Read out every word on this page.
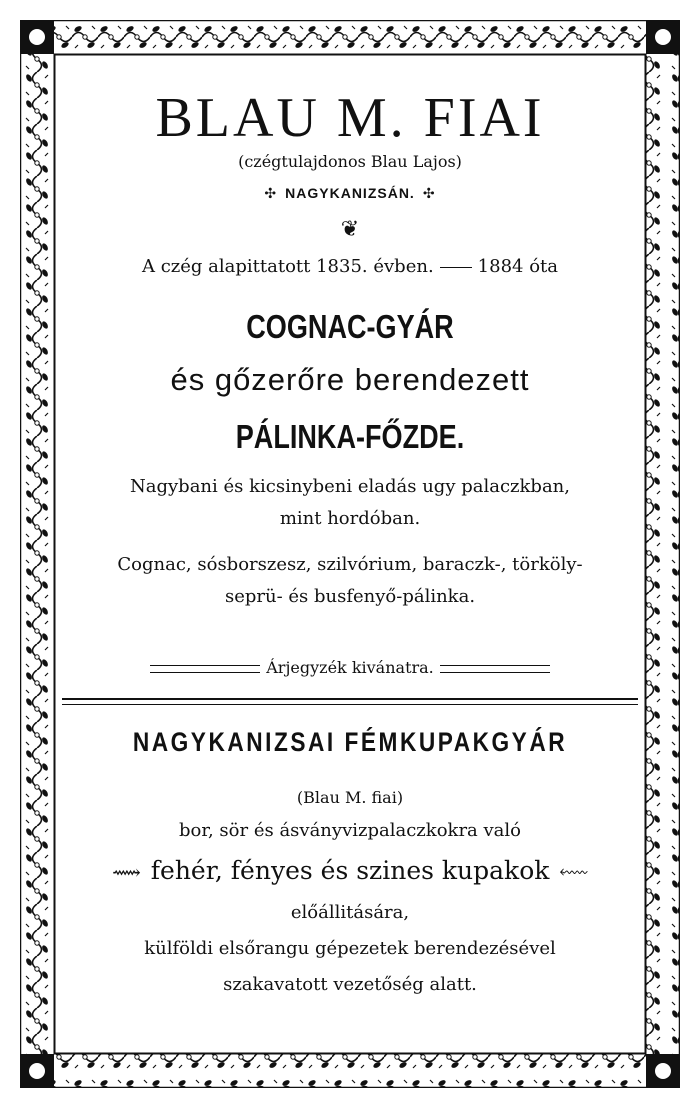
BLAU M. FIAI
(czégtulajdonos Blau Lajos)
✣ NAGYKANIZSÁN. ✣
❦
A czég alapittatott 1835. évben. 1884 óta
COGNAC-GYÁR
és gőzerőre berendezett
PÁLINKA-FŐZDE.
Nagybani és kicsinybeni eladás ugy palaczkban,
mint hordóban.
Cognac, sósborszesz, szilvórium, baraczk-, törköly-
seprü- és busfenyő-pálinka.
Árjegyzék kivánatra.
NAGYKANIZSAI FÉMKUPAKGYÁR
(Blau M. fiai)
bor, sör és ásványvizpalaczkokra való
⟿ fehér, fényes és szines kupakok ⬳
előállitására,
külföldi elsőrangu gépezetek berendezésével
szakavatott vezetőség alatt.
